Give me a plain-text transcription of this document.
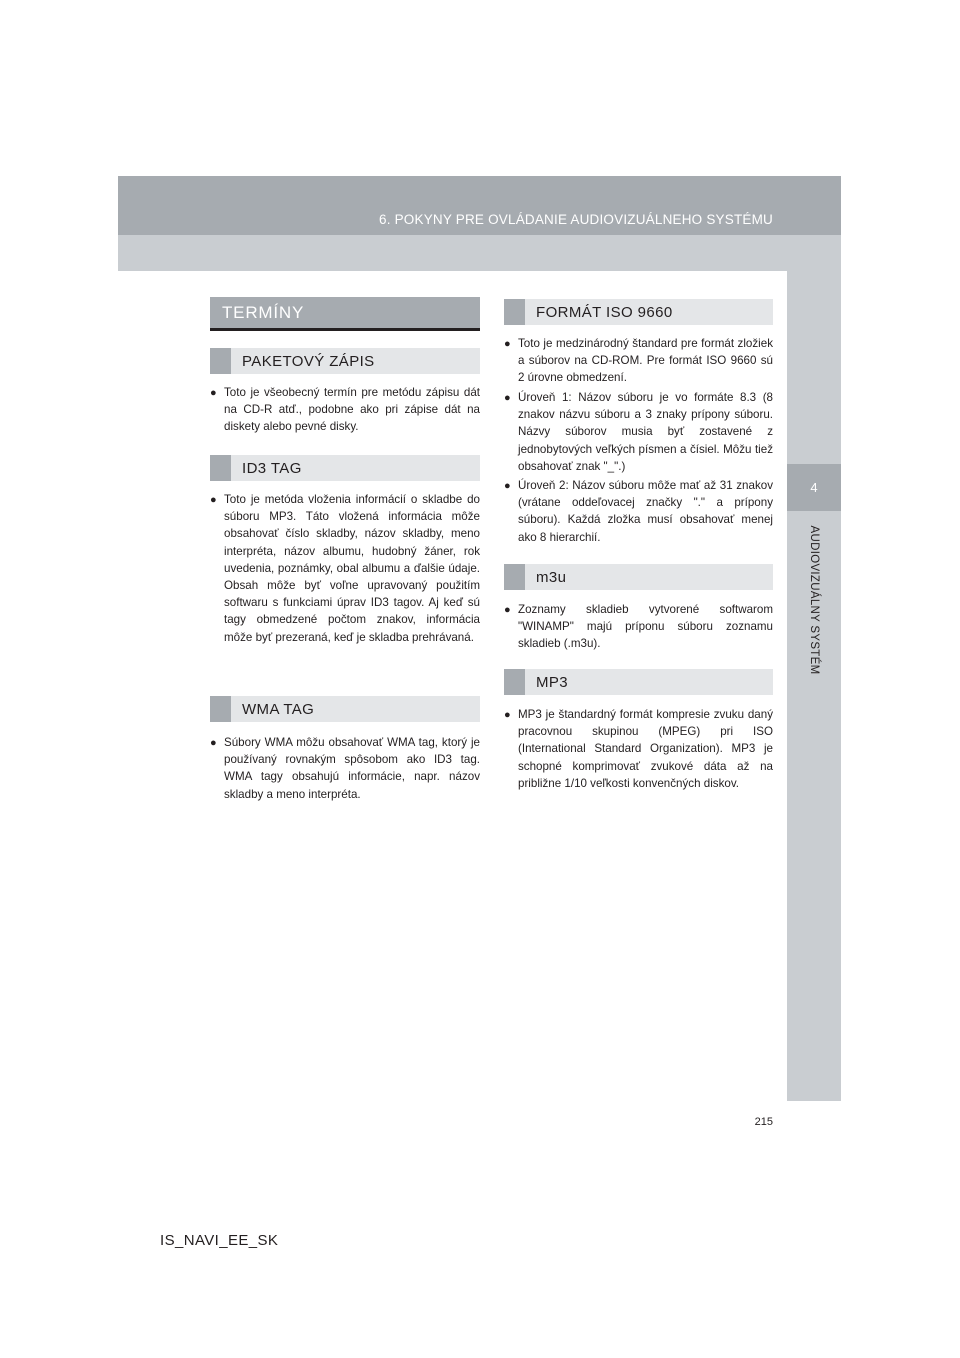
6. POKYNY PRE OVLÁDANIE AUDIOVIZUÁLNEHO SYSTÉMU
4
AUDIOVIZUÁLNY SYSTÉM
TERMÍNY
PAKETOVÝ ZÁPIS
● Toto je všeobecný termín pre metódu zápisu dát na CD-R atď., podobne ako pri zápise dát na diskety alebo pevné disky.
ID3 TAG
● Toto je metóda vloženia informácií o skladbe do súboru MP3. Táto vložená informácia môže obsahovať číslo skladby, názov skladby, meno interpréta, názov albumu, hudobný žáner, rok uvedenia, poznámky, obal albumu a ďalšie údaje. Obsah môže byť voľne upravovaný použitím softwaru s funkciami úprav ID3 tagov. Aj keď sú tagy obmedzené počtom znakov, informácia môže byť prezeraná, keď je skladba prehrávaná.
WMA TAG
● Súbory WMA môžu obsahovať WMA tag, ktorý je používaný rovnakým spôsobom ako ID3 tag. WMA tagy obsahujú informácie, napr. názov skladby a meno interpréta.
FORMÁT ISO 9660
● Toto je medzinárodný štandard pre formát zložiek a súborov na CD-ROM. Pre formát ISO 9660 sú 2 úrovne obmedzení.
● Úroveň 1: Názov súboru je vo formáte 8.3 (8 znakov názvu súboru a 3 znaky prípony súboru. Názvy súborov musia byť zostavené z jednobytových veľkých písmen a čísiel. Môžu tiež obsahovať znak "_".)
● Úroveň 2: Názov súboru môže mať až 31 znakov (vrátane oddeľovacej značky "." a prípony súboru). Každá zložka musí obsahovať menej ako 8 hierarchií.
m3u
● Zoznamy skladieb vytvorené softwarom "WINAMP" majú príponu súboru zoznamu skladieb (.m3u).
MP3
● MP3 je štandardný formát kompresie zvuku daný pracovnou skupinou (MPEG) pri ISO (International Standard Organization). MP3 je schopné komprimovať zvukové dáta až na približne 1/10 veľkosti konvenčných diskov.
215
IS_NAVI_EE_SK
